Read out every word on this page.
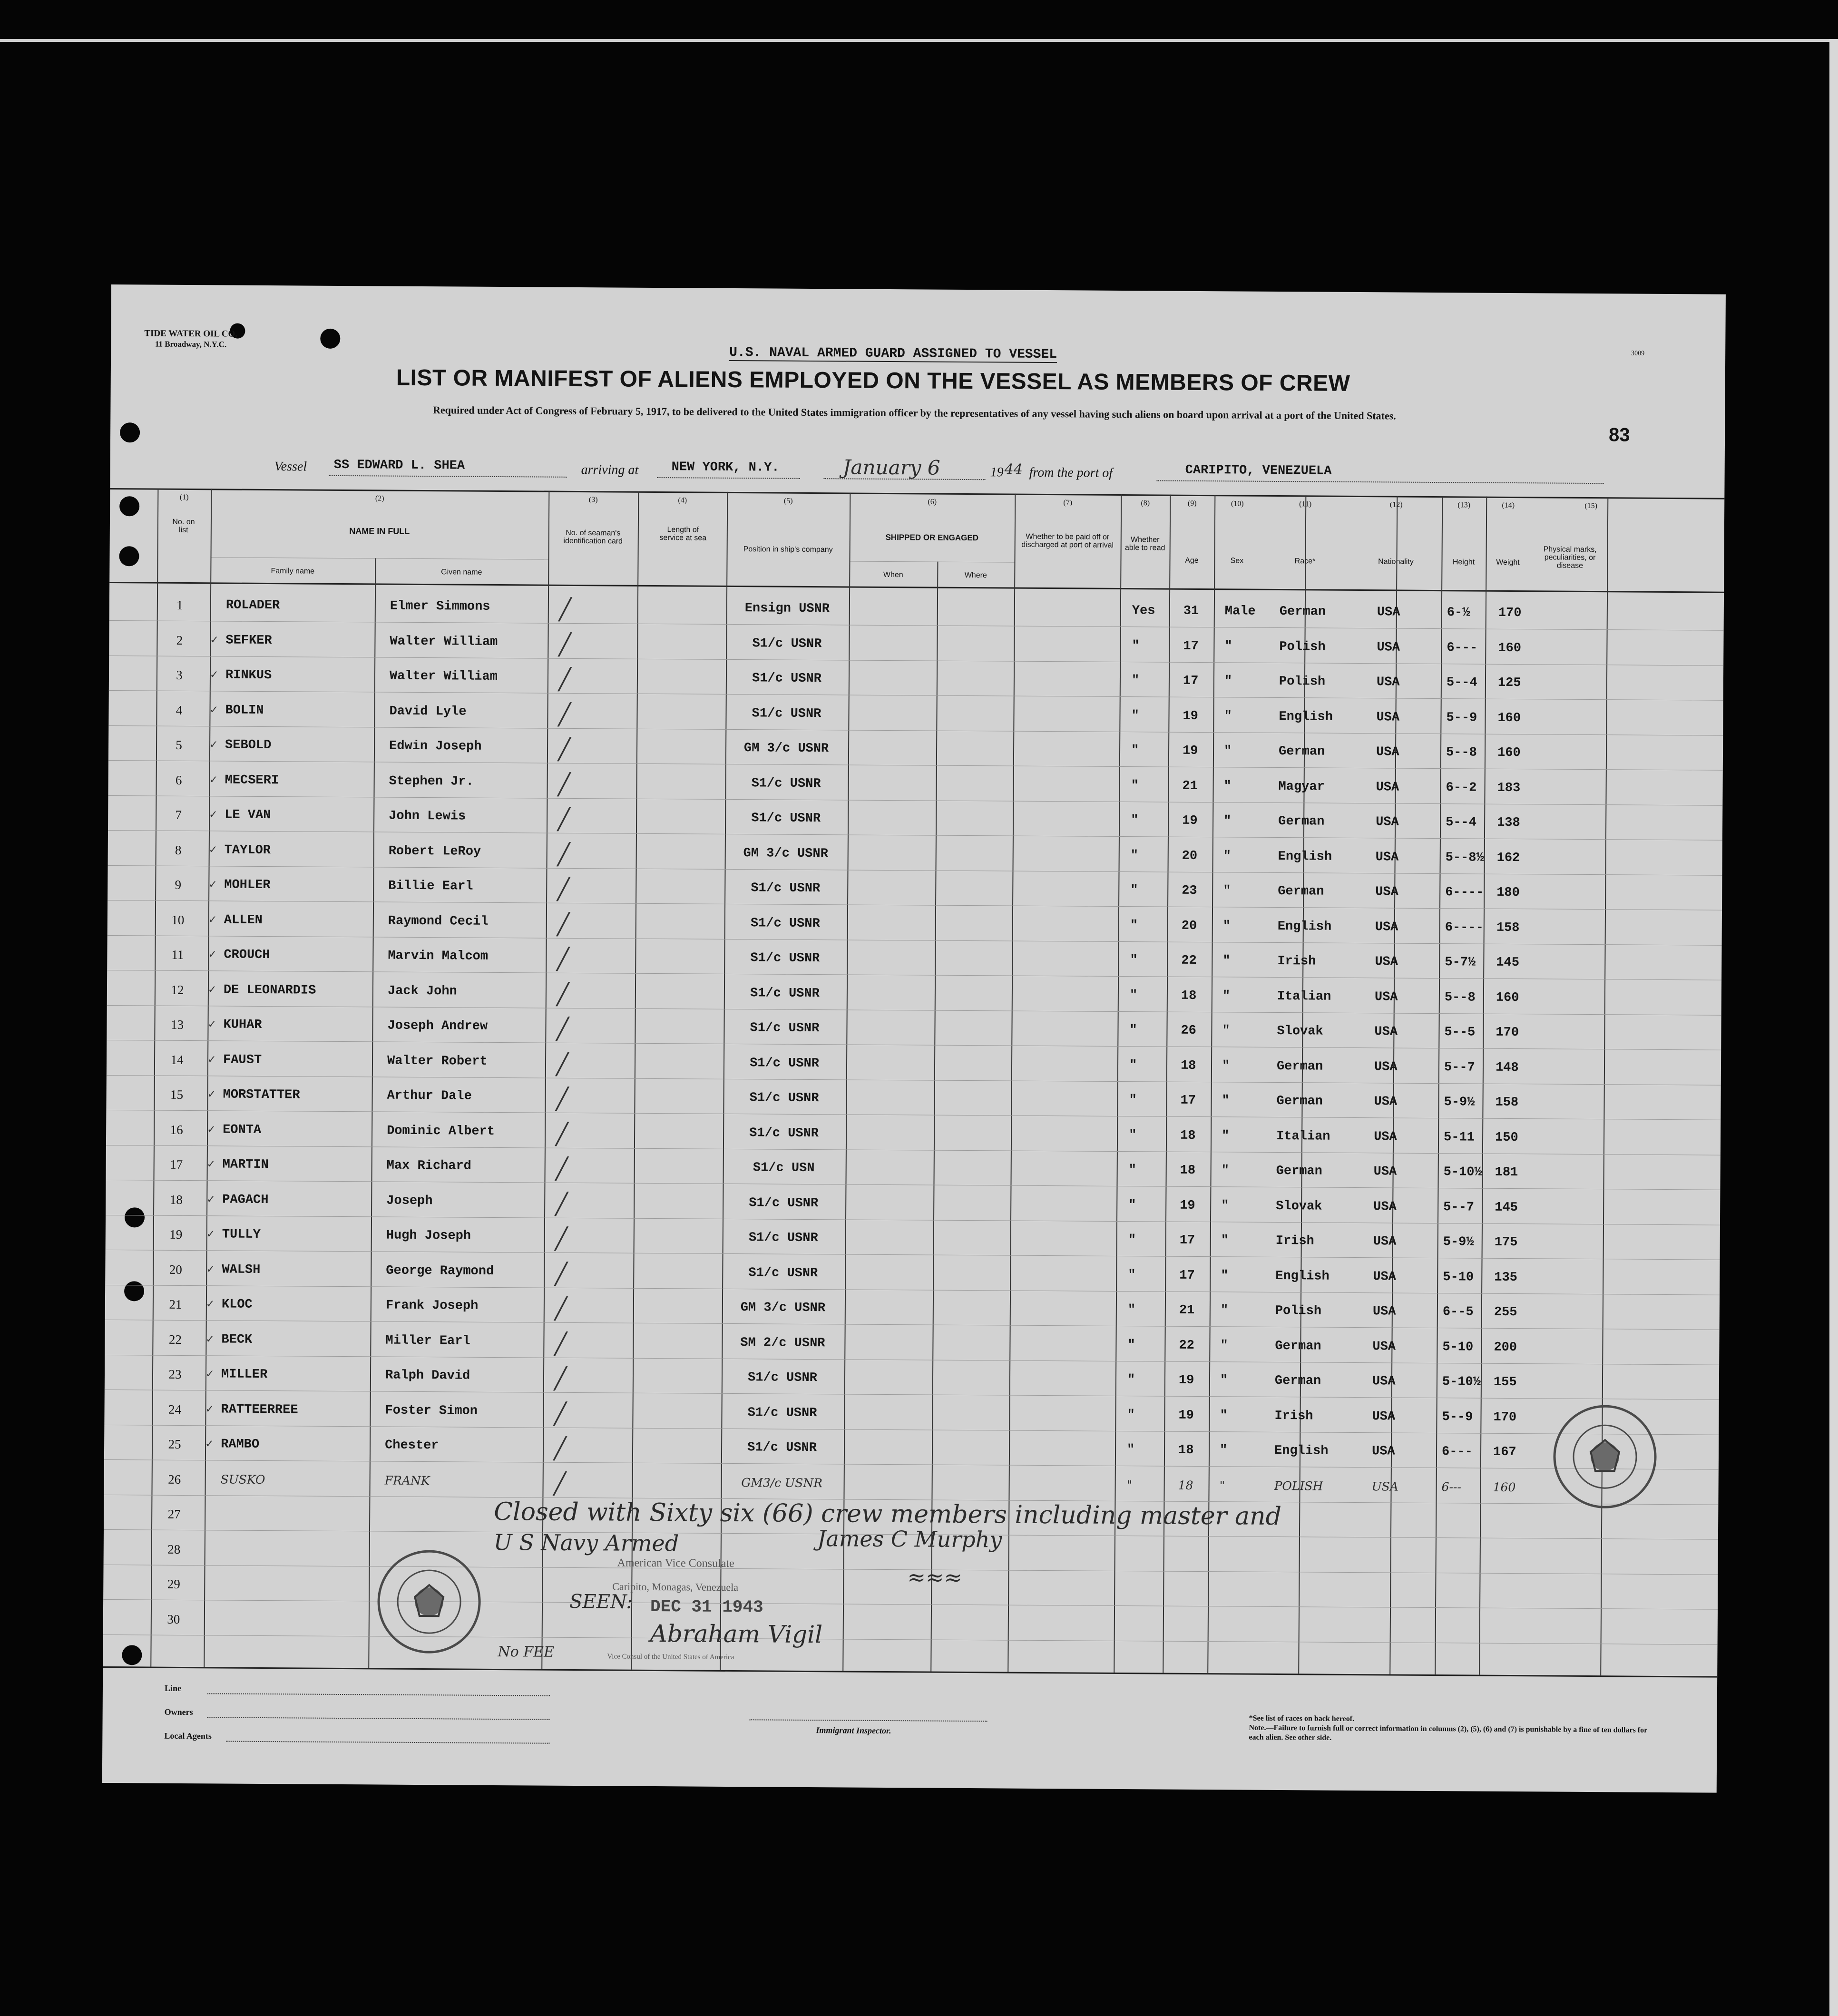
TIDE WATER OIL CO.
11 Broadway, N.Y.C.
3009
U.S. NAVAL ARMED GUARD ASSIGNED TO VESSEL
LIST OR MANIFEST OF ALIENS EMPLOYED ON THE VESSEL AS MEMBERS OF CREW
Required under Act of Congress of February 5, 1917, to be delivered to the United States immigration officer by the representatives of any vessel having such aliens on board upon arrival at a port of the United States.
83
Vessel SS EDWARD L. SHEA	arriving at	NEW YORK, N.Y.	January 6	19 44 from the port of	CARIPITO, VENEZUELA
(1)	(2)	(3)	(4)	(5)	(6)	(7)	(8)	(9)	(10)	(11)	(12)	(13)	(14)	(15)
No. on list	NAME IN FULL
Family name	Given name
No. of seaman's identification card
Length of service at sea
Position in ship's company
SHIPPED OR ENGAGED
When	Where
Whether to be paid off or discharged at port of arrival
Whether able to read
Age	Sex	Race*	Nationality	Height	Weight
Physical marks, peculiarities, or disease
1	ROLADER	Elmer Simmons	Ensign USNR	Yes 31 Male German	USA	6-½ 170
╱
2	SEFKER	Walter William	S1/c USNR	"	17 "	Polish	USA	6--- 160
╱
✓
3	RINKUS	Walter William	S1/c USNR	"	17 "	Polish	USA	5--4 125
╱
✓
4	BOLIN	David Lyle	S1/c USNR	"	19 "	English	USA	5--9 160
╱
✓
5	SEBOLD	Edwin Joseph	GM 3/c USNR	"	19 "	German	USA	5--8 160
╱
✓
6	MECSERI	Stephen Jr.	S1/c USNR	"	21 "	Magyar	USA	6--2 183
╱
✓
7	LE VAN	John Lewis	S1/c USNR	"	19 "	German	USA	5--4 138
╱
✓
8	TAYLOR	Robert LeRoy	GM 3/c USNR	"	20 "	English	USA	5--8½ 162
╱
✓
9	MOHLER	Billie Earl	S1/c USNR	"	23 "	German	USA	6---- 180
╱
✓
10	ALLEN	Raymond Cecil	S1/c USNR	"	20 "	English	USA	6---- 158
╱
✓
11	CROUCH	Marvin Malcom	S1/c USNR	"	22 "	Irish	USA	5-7½ 145
╱
✓
12	DE LEONARDIS	Jack John	S1/c USNR	"	18 "	Italian	USA	5--8 160
╱
✓
13	KUHAR	Joseph Andrew	S1/c USNR	"	26 "	Slovak	USA	5--5 170
╱
✓
14	FAUST	Walter Robert	S1/c USNR	"	18 "	German	USA	5--7 148
╱
✓
15	MORSTATTER	Arthur Dale	S1/c USNR	"	17 "	German	USA	5-9½ 158
╱
✓
16	EONTA	Dominic Albert	S1/c USNR	"	18 "	Italian	USA	5-11 150
╱
✓
17	MARTIN	Max Richard	S1/c USN	"	18 "	German	USA	5-10½ 181
╱
✓
18	PAGACH	Joseph	S1/c USNR	"	19 "	Slovak	USA	5--7 145
╱
✓
19	TULLY	Hugh Joseph	S1/c USNR	"	17 "	Irish	USA	5-9½ 175
╱
✓
20	WALSH	George Raymond	S1/c USNR	"	17 "	English	USA	5-10 135
╱
✓
21	KLOC	Frank Joseph	GM 3/c USNR	"	21 "	Polish	USA	6--5 255
╱
✓
22	BECK	Miller Earl	SM 2/c USNR	"	22 "	German	USA	5-10 200
╱
✓
23	MILLER	Ralph David	S1/c USNR	"	19 "	German	USA	5-10½ 155
╱
✓
24	RATTEERREE	Foster Simon	S1/c USNR	"	19 "	Irish	USA	5--9 170
╱
✓
25	RAMBO	Chester	S1/c USNR	"	18 "	English	USA	6--- 167
╱
✓
26	SUSKO	FRANK	GM3/c USNR	"	18 "	POLISH	USA	6---	160
╱
27
28
29
30
Closed with Sixty six (66) crew members including master and
U S Navy Armed	James C Murphy
≈≈≈
American Vice Consulate
Caripito, Monagas, Venezuela
SEEN: DEC 31 1943
Abraham Vigil
Vice Consul of the United States of America
No FEE
Line
Owners
Local Agents
Immigrant Inspector.
*See list of races on back hereof.
Note.—Failure to furnish full or correct information in columns (2), (5), (6) and (7) is punishable by a fine of ten dollars for each alien. See other side.
